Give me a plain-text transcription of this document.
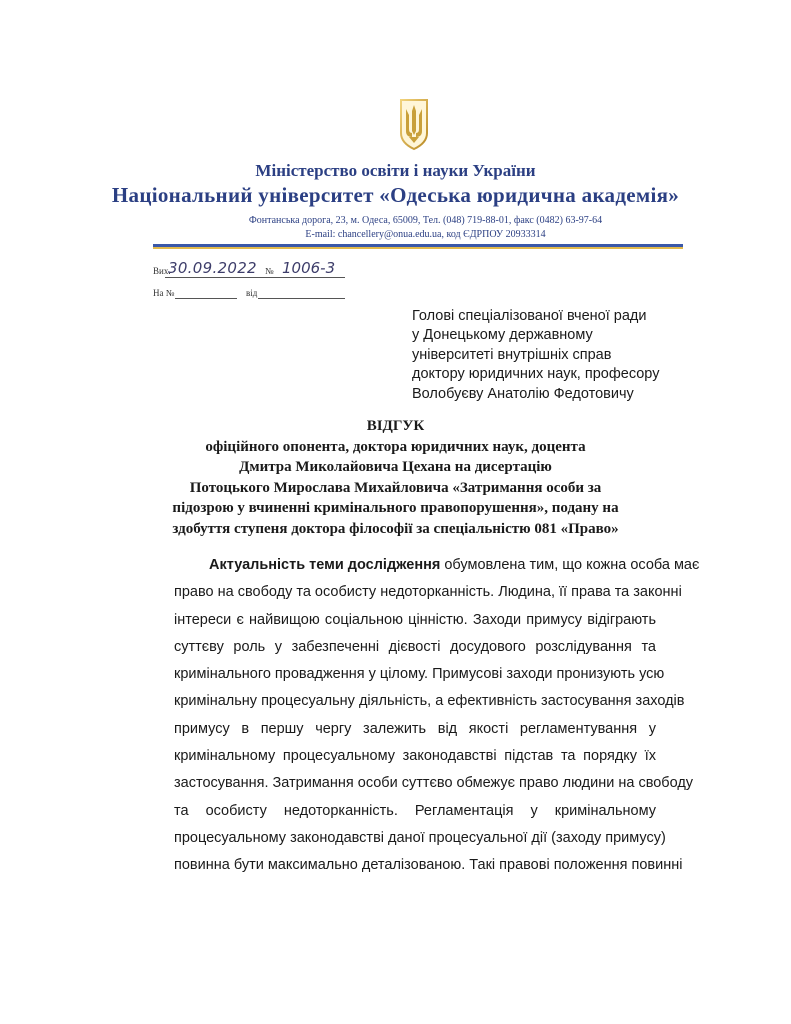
Міністерство освіти і науки України
Національний університет «Одеська юридична академія»
Фонтанська дорога, 23, м. Одеса, 65009, Тел. (048) 719-88-01, факс (0482) 63-97-64
E-mail: chancellery@onua.edu.ua, код ЄДРПОУ 20933314
Вих.
30.09.2022 № 1006-3
На №	від
Голові спеціалізованої вченої ради
у Донецькому державному
університеті внутрішніх справ
доктору юридичних наук, професору
Волобуєву Анатолію Федотовичу
ВІДГУК
офіційного опонента, доктора юридичних наук, доцента
Дмитра Миколайовича Цехана на дисертацію
Потоцького Мирослава Михайловича «Затримання особи за
підозрою у вчиненні кримінального правопорушення», подану на
здобуття ступеня доктора філософії за спеціальністю 081 «Право»
Актуальність теми дослідження обумовлена тим, що кожна особа має
право на свободу та особисту недоторканність. Людина, її права та законні
інтереси є найвищою соціальною цінністю. Заходи примусу відіграють
суттєву роль у забезпеченні дієвості досудового розслідування та
кримінального провадження у цілому. Примусові заходи пронизують усю
кримінальну процесуальну діяльність, а ефективність застосування заходів
примусу в першу чергу залежить від якості регламентування у
кримінальному процесуальному законодавстві підстав та порядку їх
застосування. Затримання особи суттєво обмежує право людини на свободу
та особисту недоторканність. Регламентація у кримінальному
процесуальному законодавстві даної процесуальної дії (заходу примусу)
повинна бути максимально деталізованою. Такі правові положення повинні
